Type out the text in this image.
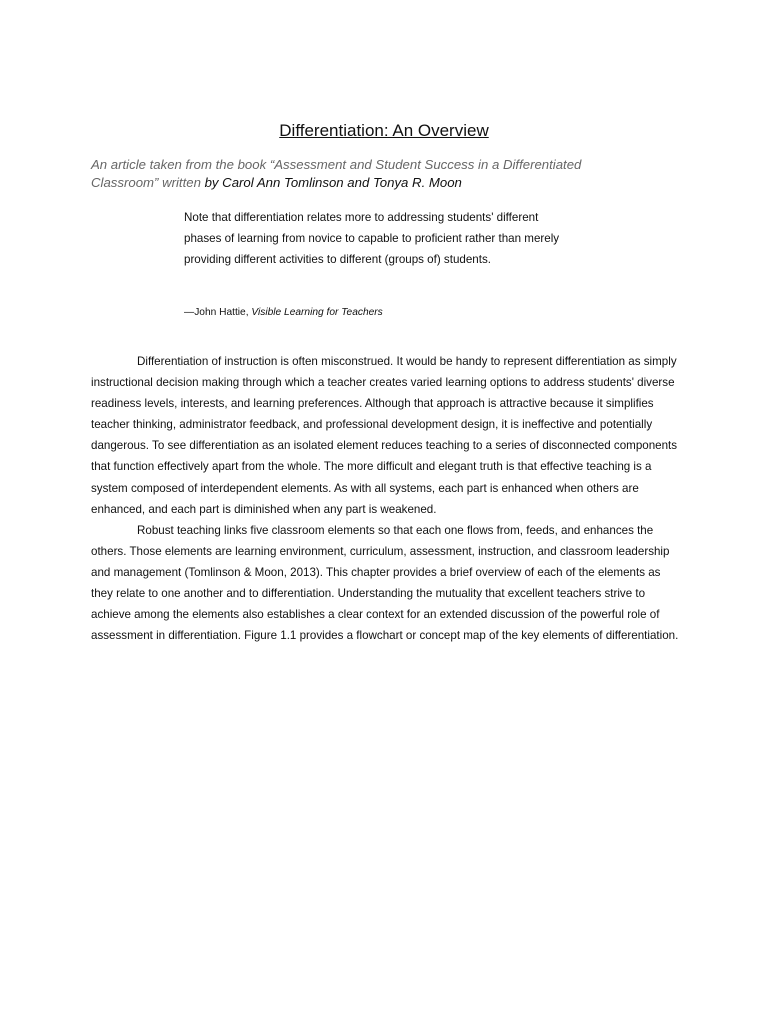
Differentiation: An Overview
An article taken from the book “Assessment and Student Success in a Differentiated Classroom” written by Carol Ann Tomlinson and Tonya R. Moon
Note that differentiation relates more to addressing students' different phases of learning from novice to capable to proficient rather than merely providing different activities to different (groups of) students.
—John Hattie, Visible Learning for Teachers

Differentiation of instruction is often misconstrued. It would be handy to represent differentiation as simply instructional decision making through which a teacher creates varied learning options to address students' diverse readiness levels, interests, and learning preferences. Although that approach is attractive because it simplifies teacher thinking, administrator feedback, and professional development design, it is ineffective and potentially dangerous. To see differentiation as an isolated element reduces teaching to a series of disconnected components that function effectively apart from the whole. The more difficult and elegant truth is that effective teaching is a system composed of interdependent elements. As with all systems, each part is enhanced when others are enhanced, and each part is diminished when any part is weakened.

Robust teaching links five classroom elements so that each one flows from, feeds, and enhances the others. Those elements are learning environment, curriculum, assessment, instruction, and classroom leadership and management (Tomlinson & Moon, 2013). This chapter provides a brief overview of each of the elements as they relate to one another and to differentiation. Understanding the mutuality that excellent teachers strive to achieve among the elements also establishes a clear context for an extended discussion of the powerful role of assessment in differentiation. Figure 1.1 provides a flowchart or concept map of the key elements of differentiation.
